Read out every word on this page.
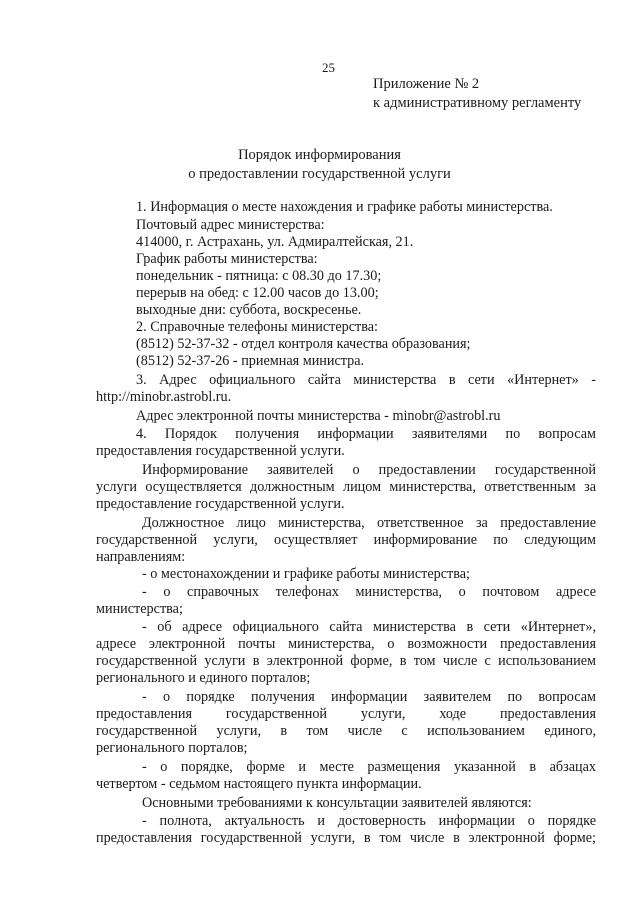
25
Приложение № 2
к административному регламенту
Порядок информирования
о предоставлении государственной услуги
1. Информация о месте нахождения и графике работы министерства.
Почтовый адрес министерства:
414000, г. Астрахань, ул. Адмиралтейская, 21.
График работы министерства:
понедельник - пятница: с 08.30 до 17.30;
перерыв на обед: с 12.00 часов до 13.00;
выходные дни: суббота, воскресенье.
2. Справочные телефоны министерства:
(8512) 52-37-32 - отдел контроля качества образования;
(8512) 52-37-26 - приемная министра.
3. Адрес официального сайта министерства в сети «Интернет» -
http://minobr.astrobl.ru.
Адрес электронной почты министерства - minobr@astrobl.ru
4. Порядок получения информации заявителями по вопросам
предоставления государственной услуги.
Информирование заявителей о предоставлении государственной
услуги осуществляется должностным лицом министерства, ответственным за
предоставление государственной услуги.
Должностное лицо министерства, ответственное за предоставление
государственной услуги, осуществляет информирование по следующим
направлениям:
- о местонахождении и графике работы министерства;
- о справочных телефонах министерства, о почтовом адресе
министерства;
- об адресе официального сайта министерства в сети «Интернет»,
адресе электронной почты министерства, о возможности предоставления
государственной услуги в электронной форме, в том числе с использованием
регионального и единого порталов;
- о порядке получения информации заявителем по вопросам
предоставления государственной услуги, ходе предоставления
государственной услуги, в том числе с использованием единого,
регионального порталов;
- о порядке, форме и месте размещения указанной в абзацах
четвертом - седьмом настоящего пункта информации.
Основными требованиями к консультации заявителей являются:
- полнота, актуальность и достоверность информации о порядке
предоставления государственной услуги, в том числе в электронной форме;
